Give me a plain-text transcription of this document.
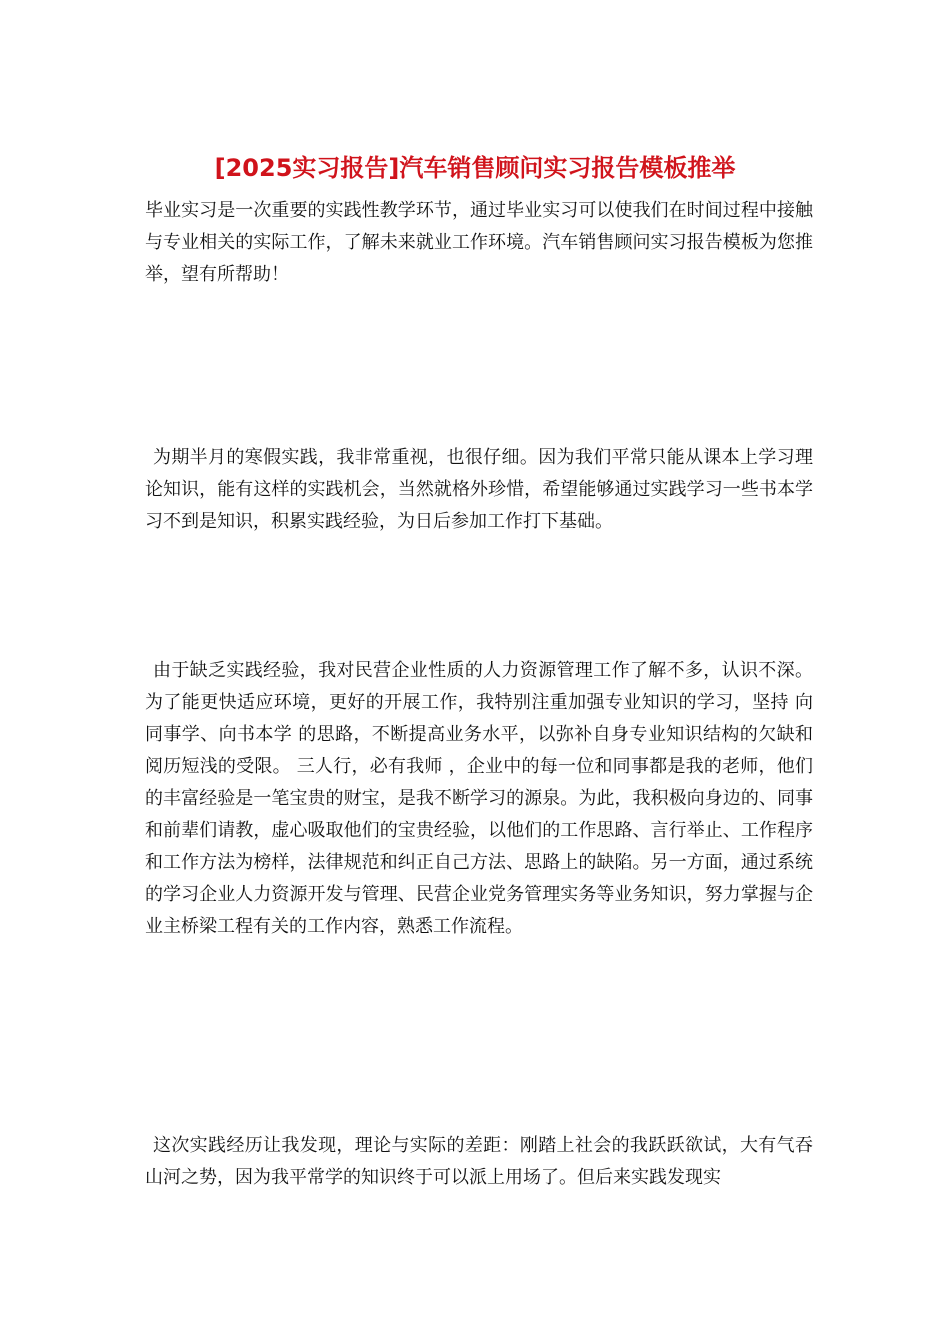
[2025实习报告]汽车销售顾问实习报告模板推举
毕业实习是一次重要的实践性教学环节，通过毕业实习可以使我们在时间过程中接触与专业相关的实际工作，了解未来就业工作环境。汽车销售顾问实习报告模板为您推举，望有所帮助！
为期半月的寒假实践，我非常重视，也很仔细。因为我们平常只能从课本上学习理论知识，能有这样的实践机会，当然就格外珍惜，希望能够通过实践学习一些书本学习不到是知识，积累实践经验，为日后参加工作打下基础。
由于缺乏实践经验，我对民营企业性质的人力资源管理工作了解不多，认识不深。为了能更快适应环境，更好的开展工作，我特别注重加强专业知识的学习，坚持 向同事学、向书本学 的思路，不断提高业务水平，以弥补自身专业知识结构的欠缺和阅历短浅的受限。 三人行，必有我师 ，企业中的每一位和同事都是我的老师，他们的丰富经验是一笔宝贵的财宝，是我不断学习的源泉。为此，我积极向身边的、同事和前辈们请教，虚心吸取他们的宝贵经验，以他们的工作思路、言行举止、工作程序和工作方法为榜样，法律规范和纠正自己方法、思路上的缺陷。另一方面，通过系统的学习企业人力资源开发与管理、民营企业党务管理实务等业务知识，努力掌握与企业主桥梁工程有关的工作内容，熟悉工作流程。
这次实践经历让我发现，理论与实际的差距：刚踏上社会的我跃跃欲试，大有气吞山河之势，因为我平常学的知识终于可以派上用场了。但后来实践发现实
